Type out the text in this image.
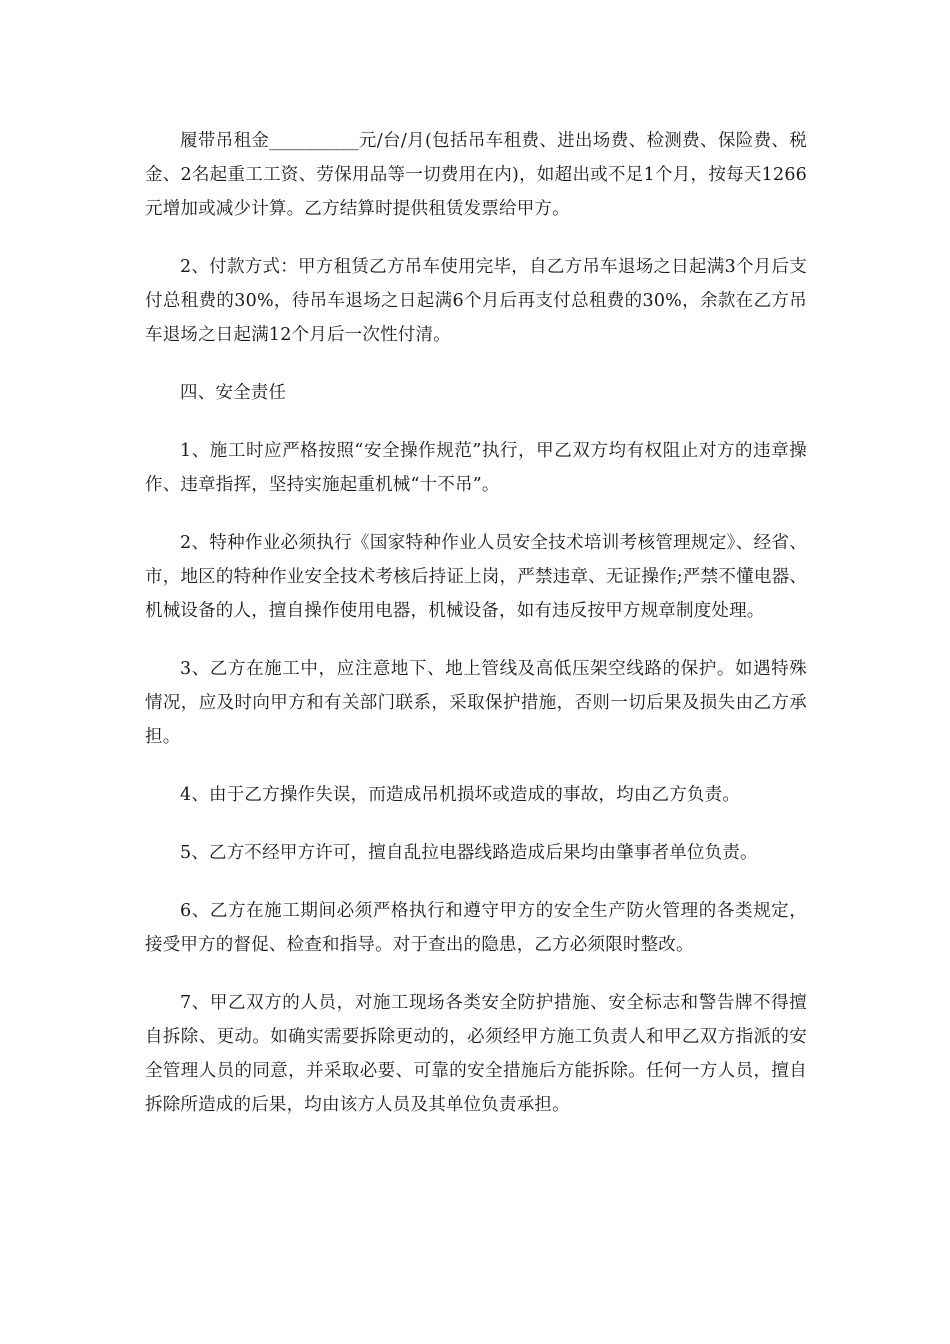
履带吊租金__________元/台/月(包括吊车租费、进出场费、检测费、保险费、税金、2名起重工工资、劳保用品等一切费用在内)，如超出或不足1个月，按每天1266元增加或减少计算。乙方结算时提供租赁发票给甲方。

2、付款方式：甲方租赁乙方吊车使用完毕，自乙方吊车退场之日起满3个月后支付总租费的30%，待吊车退场之日起满6个月后再支付总租费的30%，余款在乙方吊车退场之日起满12个月后一次性付清。

四、安全责任

1、施工时应严格按照“安全操作规范”执行，甲乙双方均有权阻止对方的违章操作、违章指挥，坚持实施起重机械“十不吊”。

2、特种作业必须执行《国家特种作业人员安全技术培训考核管理规定》、经省、市，地区的特种作业安全技术考核后持证上岗，严禁违章、无证操作;严禁不懂电器、机械设备的人，擅自操作使用电器，机械设备，如有违反按甲方规章制度处理。

3、乙方在施工中，应注意地下、地上管线及高低压架空线路的保护。如遇特殊情况，应及时向甲方和有关部门联系，采取保护措施，否则一切后果及损失由乙方承担。

4、由于乙方操作失误，而造成吊机损坏或造成的事故，均由乙方负责。

5、乙方不经甲方许可，擅自乱拉电器线路造成后果均由肇事者单位负责。

6、乙方在施工期间必须严格执行和遵守甲方的安全生产防火管理的各类规定，接受甲方的督促、检查和指导。对于查出的隐患，乙方必须限时整改。

7、甲乙双方的人员，对施工现场各类安全防护措施、安全标志和警告牌不得擅自拆除、更动。如确实需要拆除更动的，必须经甲方施工负责人和甲乙双方指派的安全管理人员的同意，并采取必要、可靠的安全措施后方能拆除。任何一方人员，擅自拆除所造成的后果，均由该方人员及其单位负责承担。
